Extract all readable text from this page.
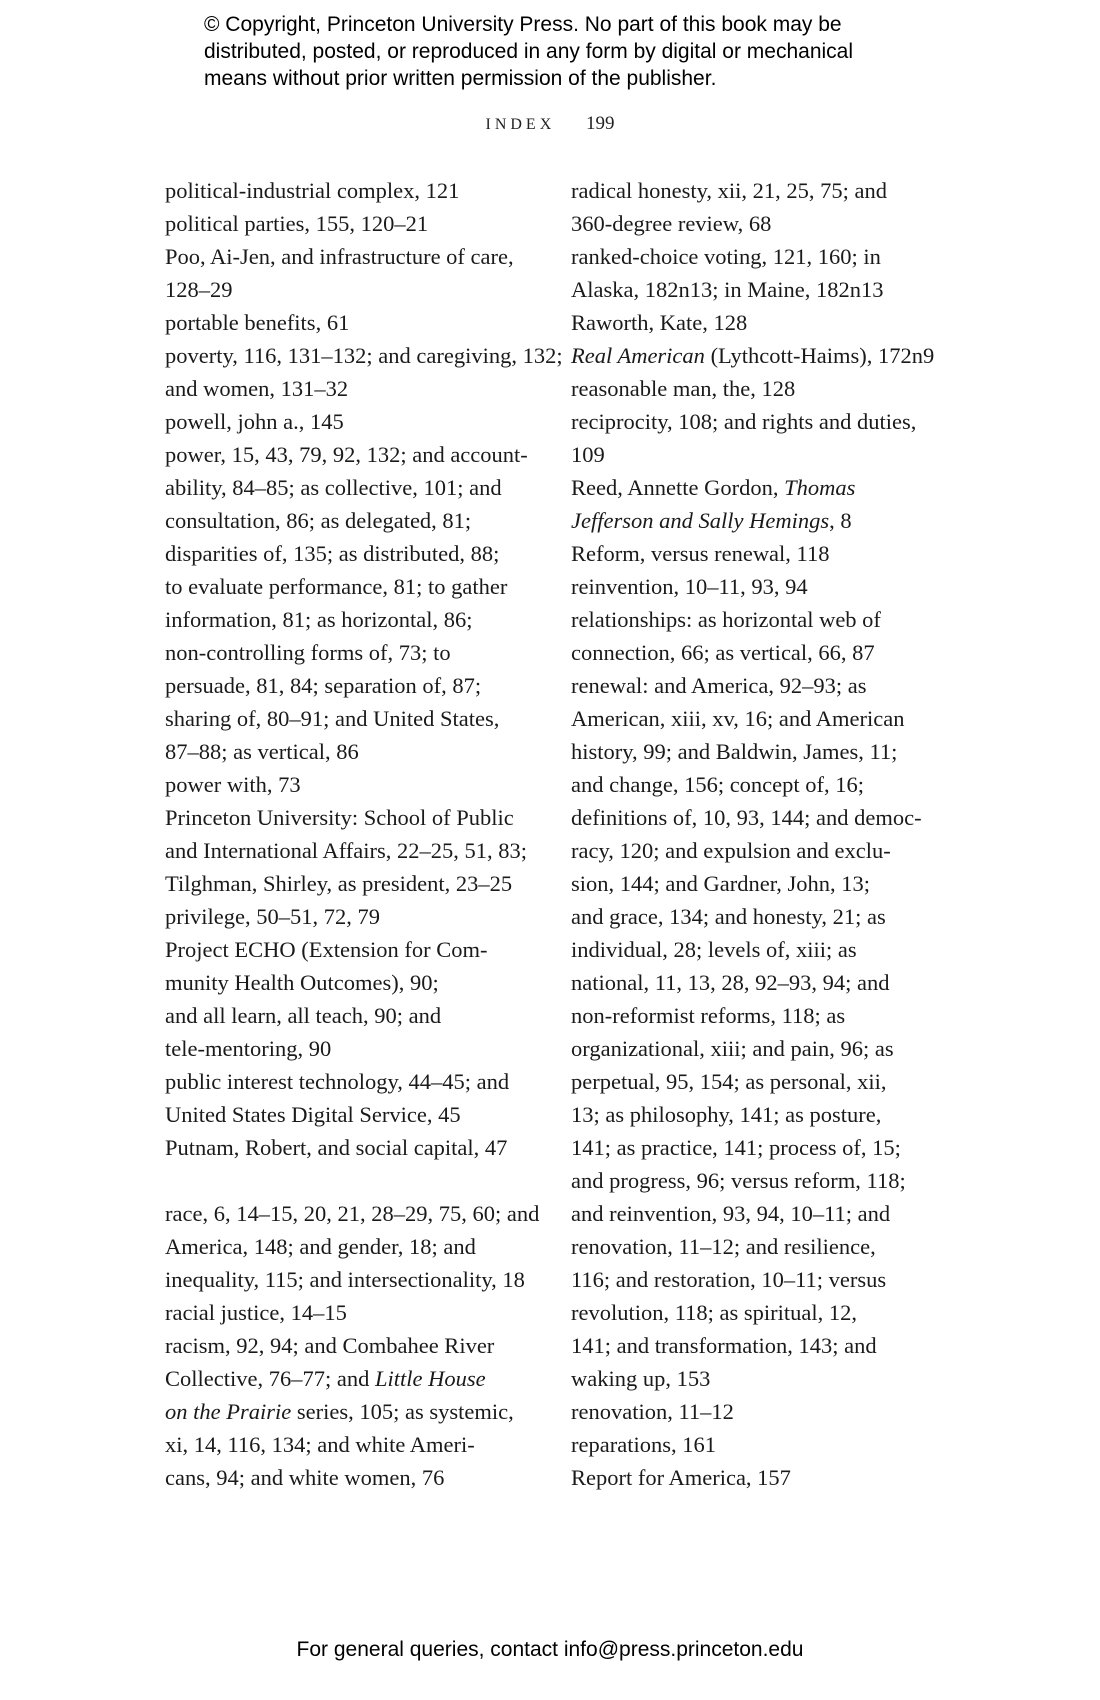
© Copyright, Princeton University Press. No part of this book may be
distributed, posted, or reproduced in any form by digital or mechanical
means without prior written permission of the publisher.
INDEX 199
political-industrial complex, 121
political parties, 155, 120–21
Poo, Ai-Jen, and infrastructure of care,
128–29
portable benefits, 61
poverty, 116, 131–132; and caregiving, 132;
and women, 131–32
powell, john a., 145
power, 15, 43, 79, 92, 132; and account-
ability, 84–85; as collective, 101; and
consultation, 86; as delegated, 81;
disparities of, 135; as distributed, 88;
to evaluate performance, 81; to gather
information, 81; as horizontal, 86;
non-controlling forms of, 73; to
persuade, 81, 84; separation of, 87;
sharing of, 80–91; and United States,
87–88; as vertical, 86
power with, 73
Princeton University: School of Public
and International Affairs, 22–25, 51, 83;
Tilghman, Shirley, as president, 23–25
privilege, 50–51, 72, 79
Project ECHO (Extension for Com-
munity Health Outcomes), 90;
and all learn, all teach, 90; and
tele-mentoring, 90
public interest technology, 44–45; and
United States Digital Service, 45
Putnam, Robert, and social capital, 47
race, 6, 14–15, 20, 21, 28–29, 75, 60; and
America, 148; and gender, 18; and
inequality, 115; and intersectionality, 18
racial justice, 14–15
racism, 92, 94; and Combahee River
Collective, 76–77; and Little House
on the Prairie series, 105; as systemic,
xi, 14, 116, 134; and white Ameri-
cans, 94; and white women, 76
radical honesty, xii, 21, 25, 75; and
360-degree review, 68
ranked-choice voting, 121, 160; in
Alaska, 182n13; in Maine, 182n13
Raworth, Kate, 128
Real American (Lythcott-Haims), 172n9
reasonable man, the, 128
reciprocity, 108; and rights and duties,
109
Reed, Annette Gordon, Thomas
Jefferson and Sally Hemings, 8
Reform, versus renewal, 118
reinvention, 10–11, 93, 94
relationships: as horizontal web of
connection, 66; as vertical, 66, 87
renewal: and America, 92–93; as
American, xiii, xv, 16; and American
history, 99; and Baldwin, James, 11;
and change, 156; concept of, 16;
definitions of, 10, 93, 144; and democ-
racy, 120; and expulsion and exclu-
sion, 144; and Gardner, John, 13;
and grace, 134; and honesty, 21; as
individual, 28; levels of, xiii; as
national, 11, 13, 28, 92–93, 94; and
non-reformist reforms, 118; as
organizational, xiii; and pain, 96; as
perpetual, 95, 154; as personal, xii,
13; as philosophy, 141; as posture,
141; as practice, 141; process of, 15;
and progress, 96; versus reform, 118;
and reinvention, 93, 94, 10–11; and
renovation, 11–12; and resilience,
116; and restoration, 10–11; versus
revolution, 118; as spiritual, 12,
141; and transformation, 143; and
waking up, 153
renovation, 11–12
reparations, 161
Report for America, 157
For general queries, contact info@press.princeton.edu
